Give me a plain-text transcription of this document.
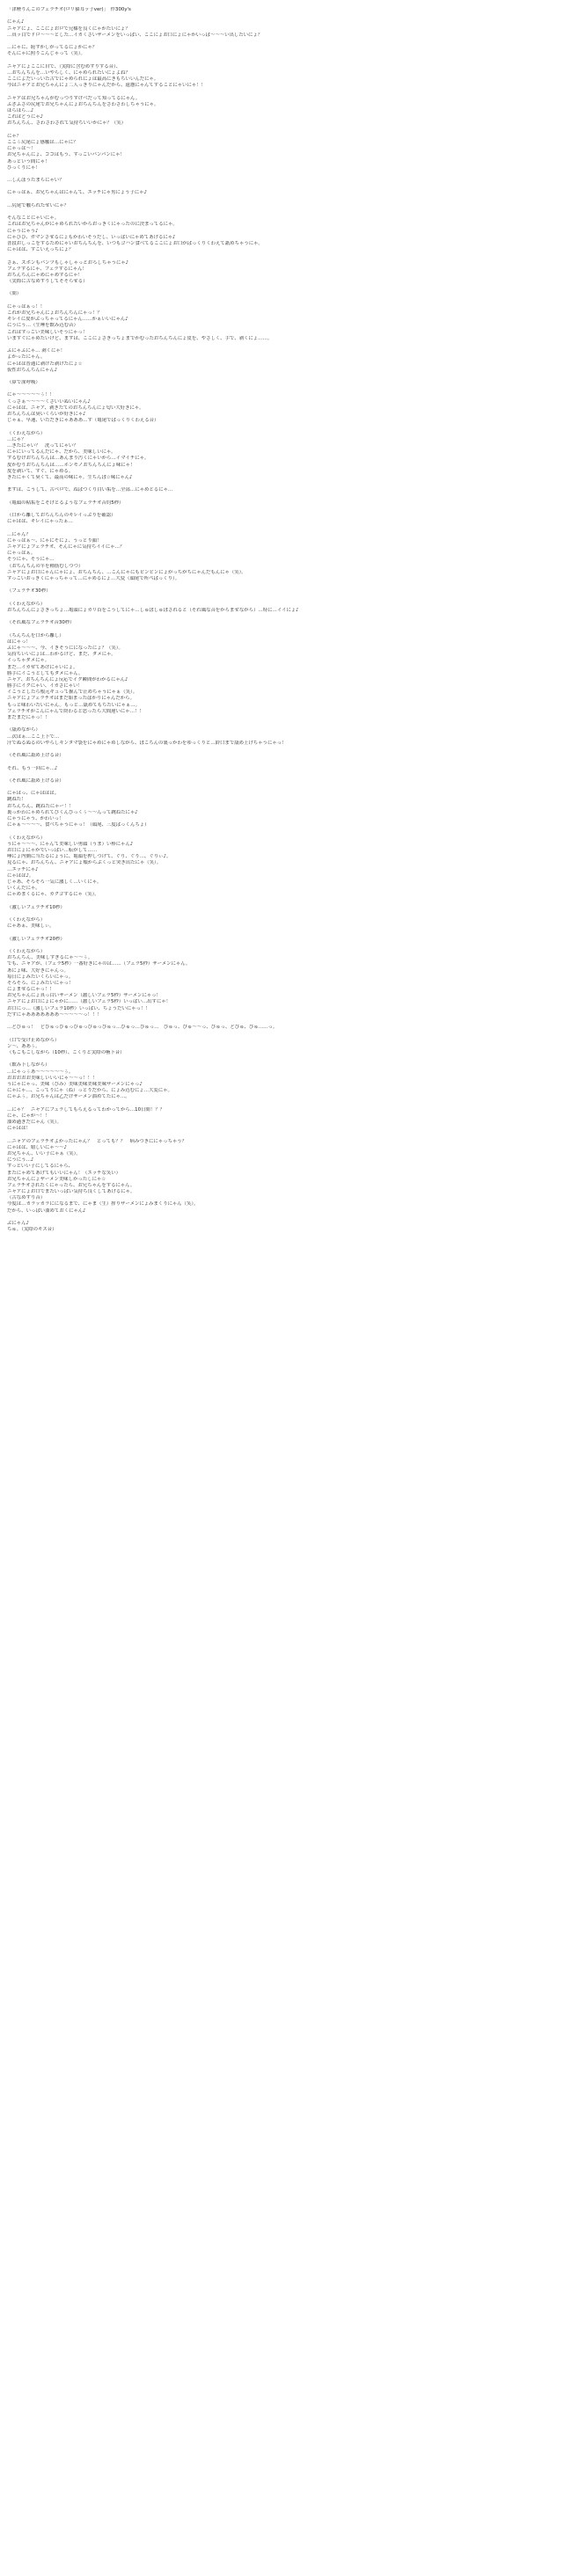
「津軽りんごのフェラチオ(ロリ猫耳ッ子ver)」　作300y's
にゃん♪
ニャアにょ、ここにょおロで兄様を良くにゃかたいにょ？
…真ッ白でドロ〜〜〜とした…イカくさいザーメンをいっぱい、ここにょお口にょにゃかいっぱ〜〜〜い出したいにょ？
…にゃに、恥ずかしがってるにょかにゃ？
そんにゃに照りこんじゃって（笑）。
ニャアにょここに自で、（実際に含むめずりする音）、
…おちんちんを…いやらしく、にゃめられたいにょよね？
ここによだいっいた舌でにゃめられにょは最高にきもちいいんだにゃ。
今はニャアとお兄ちゃんにょ二人っきりにゃんだから、遠慮にゃんてすることにゃいにゃ！！
ニャアはお兄ちゃんがむっつりすけべだって知ってるにゃん。
ふざふさの尻尾でお兄ちゃんにょおちんちんをさわさわしちゃうにゃ。
ほらほら…♪
これはどうにゃ♪
おちんちん、さわさわされて気持ちいいかにゃ？（笑）
にゃ？
ここぅ尻尾にょ感触は…にゃに？
にゃっは〜！
お兄ちゃんにょ、ココはもう、すっごいパンパンにゃ！
あっという間にゃ！
びっくりにゃ！
…しんぼうたまらにゃい？
にゃっはぁ、お兄ちゃんはにゃんて、エッチにゃ男にょう子にゃ♪
…尻尾で触られたせいにゃ？
そんなことにゃいにゃ。
これはお兄ちゃんがにゃめられたいからおっきくにゃったのに決まってるにゃ。
にゃうにゃう♪
にゃひひ、ガマンさせるにょもかわいそうだし、いっぱいにゃめてあげるにゃ♪
普段おしっこをするためにゃいおちんちんを、いつもゴハン食べてるここにょお口がぱっくりくわえて舐めちゃうにゃ。
にゃはは、すごいえっちにょ？
さぁ、ズボンもパンツもしゃしゃっとおろしちゃうにゃ♪
フェラするにゃ、フェラするにゃん！
おちんちんにゃめにゃめするにゃ！
（実際に舌なめずりしてそそらせる）
（間）
にゃっはぁっ！！
これがお兄ちゃんにょおちんちんにゃっ！？
キレイに皮がぷっちゃってるにゃん……かぁいいにゃん♪
にうにう…（生唾を飲み込む音）
これはすっごい美味しいそうにゃっ！
いますぐにゃめたいけど、まずは、ここにょさきっちょまでかむったおちんちんにょ皮を、やさしく、手で、剥くにょ……。
ふにゃふにゃ… 剥くにゃ！
よかったにゃん。
にゃはは普通に剥けた剥けたにょ☆
仮性おちんちんにゃん♪
（鼻で深呼吸）
にゃ〜〜〜〜〜ぅ！！
くっさぁ〜〜〜〜くさいいぬいにゃん♪
にゃはは、ニャア、剥きたてのおちんちんにょ匂い大好きにゃ。
おちんちんは臭いくらいが好きにゃ♪
じゃぁ、早速、いただきにゃあああ…す（亀尾でぱっくりくわえる音）
（くわえながら）
…にゃ？
…きたにゃい？　洗ってにゃい？
にゃにいってるんだにゃ、だから、美味しいにゃ。
ずるむけおちんちんは…あんまり汚くにゃいから…イマイチにゃ。
皮かむりおちんちんは……ホンモノおちんちんにょ味にゃ！
皮を剥いて、すぐ、にゃめる。
きたにゃくて臭くて、最高の味にゃ。生ちんぽ☆味にゃん♪
まずは、こうして、舌ベロで、ねぱつくり白い垢を…全部…にゃめとるにゃ…
（亀頭の粘垢をこそげとるようなフェラチオ音約5秒）
（口から離しておちんちんのキレイっぷりを確認）
にゃはは、キレイにゃったぁ…
…にゃん？
にゃっはぁ〜、にゃにそにょ、うっとり顔！
ニャアにょフェラチオ、そんにゃに気持ちイイにゃ…？
にゃっはぁ。
そうにゃ、そうにゃ…
（おちんちんの竿を種筋むしつつ）
ニャアにょお口にゃんにゃにょ、おちんちん、…こんにゃにもビンビンにょがっちがちにゃんだもんにゃ（笑）。
すっごいおっきくにゃっちゃって…にゃめるにょ…大変（頭尾で所ぺぱっくり）。
（フェラチオ30秒）
（くわえながら）
おちんちんにょさきっちょ…亀頭にょカリ首をこうしてにゃ…しゅぽしゅぽされると（それ風な音をからませながら）…特に…イイにょ♪
（それ風なフェラチオ音30秒）
（ちんちんを口から離し）
はにゃっ！
ふにゃ〜〜〜、今、イきそうにになったにょ？（笑）。
気持ちいいにょは…わかるけど、まだ、ダメにゃ。
イっちゃダメにゃ。
まだ…イカせてあげにゃいにょ。
勝手にイこうとしてもダメにゃん。
ニャア、おちんちんにょ反応でイク瞬間がわかるにゃん♪
勝手にイクにゃい、イカさにゃい！
イこうとしたら根元ギュって握んで止めちゃうにゃぁ（笑）。
ニャアにょフェラチオはまだ始まったばかりにゃんだから。
もっと味わいたいにゃん。もっと…舐めてもちたいにゃぁ…。
フェラチオがこんにゃんで終わると思ったら大間違いにゃ…！！
まだまだにゃっ！！
（舐めながら）
…次はぁ…ここ上下で…
汗でぬるぬるのいやらしキンタマ袋をにゃめにゃめしながら、ぽこちんの裏っかわをゆっくりと…鈴口まで舐め上げちゃうにゃっ！
（それ風に舐め上げる音）
それ、もう一回にゃ…♪
（それ風に舐め上げる音）
にゃはっ、にゃははは。
跳ねた！
おちんちん、跳ねたにゃー！！
裏っかわにゃめられてびくんびっくぅ〜〜んって跳ねたにゃ♪
にゃうにゃう、かわいっ！
にゃぁ〜〜〜〜、食べちゃうにゃっ！（頭尾、三度ぱっくんちょ）
（くわえながら）
うにゃ〜〜〜、にゃんて美味しい勇頭（うま）い棒にゃん♪
お口にょにゃかでいっぱい…転がして……
唾にょ内側に当たるにょうに、亀頭を押しつけて、ぐり、ぐり…、ぐりぃ♪。
見るにゃ、おちんちん、ニャアにょ頬からぷくっと突き出たにゃ（笑）。
…エッチにゃ♪
にゃはは♪。
じゃあ、そろそろ一気に激しく…いくにゃ。
いくんだにゃ。
にゃめまくるにゃ、カクゴするにゃ（笑）。
（激しいフェラチオ10秒）
（くわえながら）
にゃあぁ、美味しぃ。
（激しいフェラチオ20秒）
（くわえながら）
おちんちん、美味しすぎるにゃ〜〜ぅ。
でも、ニャアが、（フェラ5秒）一番好きにゃのは……（フェラ5秒）ザーメンにゃん。
あにょ味、大好きにゃんっ。
毎日にょみたいくらいにゃっ。
そろそろ、にょみたいにゃっ！
にょませるにゃっ！！
お兄ちゃんにょ真っ白いザーメン（激しいフェラ5秒）ザーメンにゃっ！
ニャアにょお口にょにゃかに……（激しいフェラ5秒）いっぱい…出すにゃ！
お口にっ…（激しいフェラ10秒）いっぱい、ちょうだいにゃっ！！
だすにゃあああああああ〜〜〜〜〜っ！！！
…どびゅっ！　どびゅっびゅっびゅっびゅっぴゅっ…びゅっ…ぴゅっ…　ぴゅっ、ぴゅ〜〜っ、ぴゅっ、どぴゅ、ぴゅ……っ。
（口で受け止めながら）
ン〜、ああぅ。
（もごもごしながら（10秒）、ごくりと実際の嚥下音）
（飲み下しながら）
…にゃっぅあ〜〜〜〜〜〜ぅ。
おおおおお美味しいいいにゃ〜〜っ！！！
うにゃにゃっ、美味（びみ）美味美味美味美味ザーメンにゃっ♪
にゃにゃ…、こってりにゃ（ね）っとりだから、にょみ込むにょ…大変にゃ。
にゃふぅ。お兄ちゃんは乙だけザーメン溜めてたにゃ…。
…にゃ？　ニャアにフェラしてもらえるってわかってから…10日間！？？
にゃ、にゃが〜！！
溜め過ぎだにゃん（笑）。
にゃはは！
…ニャアのフェラチオよかったにゃん？　とっても？？　病みつきににゃっちゃう？
にゃはは、嬉しいにゃ〜〜♪
お兄ちゃん、いい子にゃぁ（笑）。
にうにう…♪
ずっといい子にしてるにゃら、
またにゃめてあげてもいいにゃん！（エッチな笑い）
お兄ちゃんにょザーメン美味しかったしにゃ☆
フェラチオされたくにゃったら、お兄ちゃんをするにゃん。
ニャアにょお口でまたいっぱい気持ち良くしてあげるにゃ。
（舌なめずり音）
今度は…カラッカラにになるまで、にゃま（生）搾りザーメンにょみまくりにゃん（笑）。
だから、いっぱい溜めておくにゃん♪
ぶにゃん♪
ちゅ。（実際のキス音）
